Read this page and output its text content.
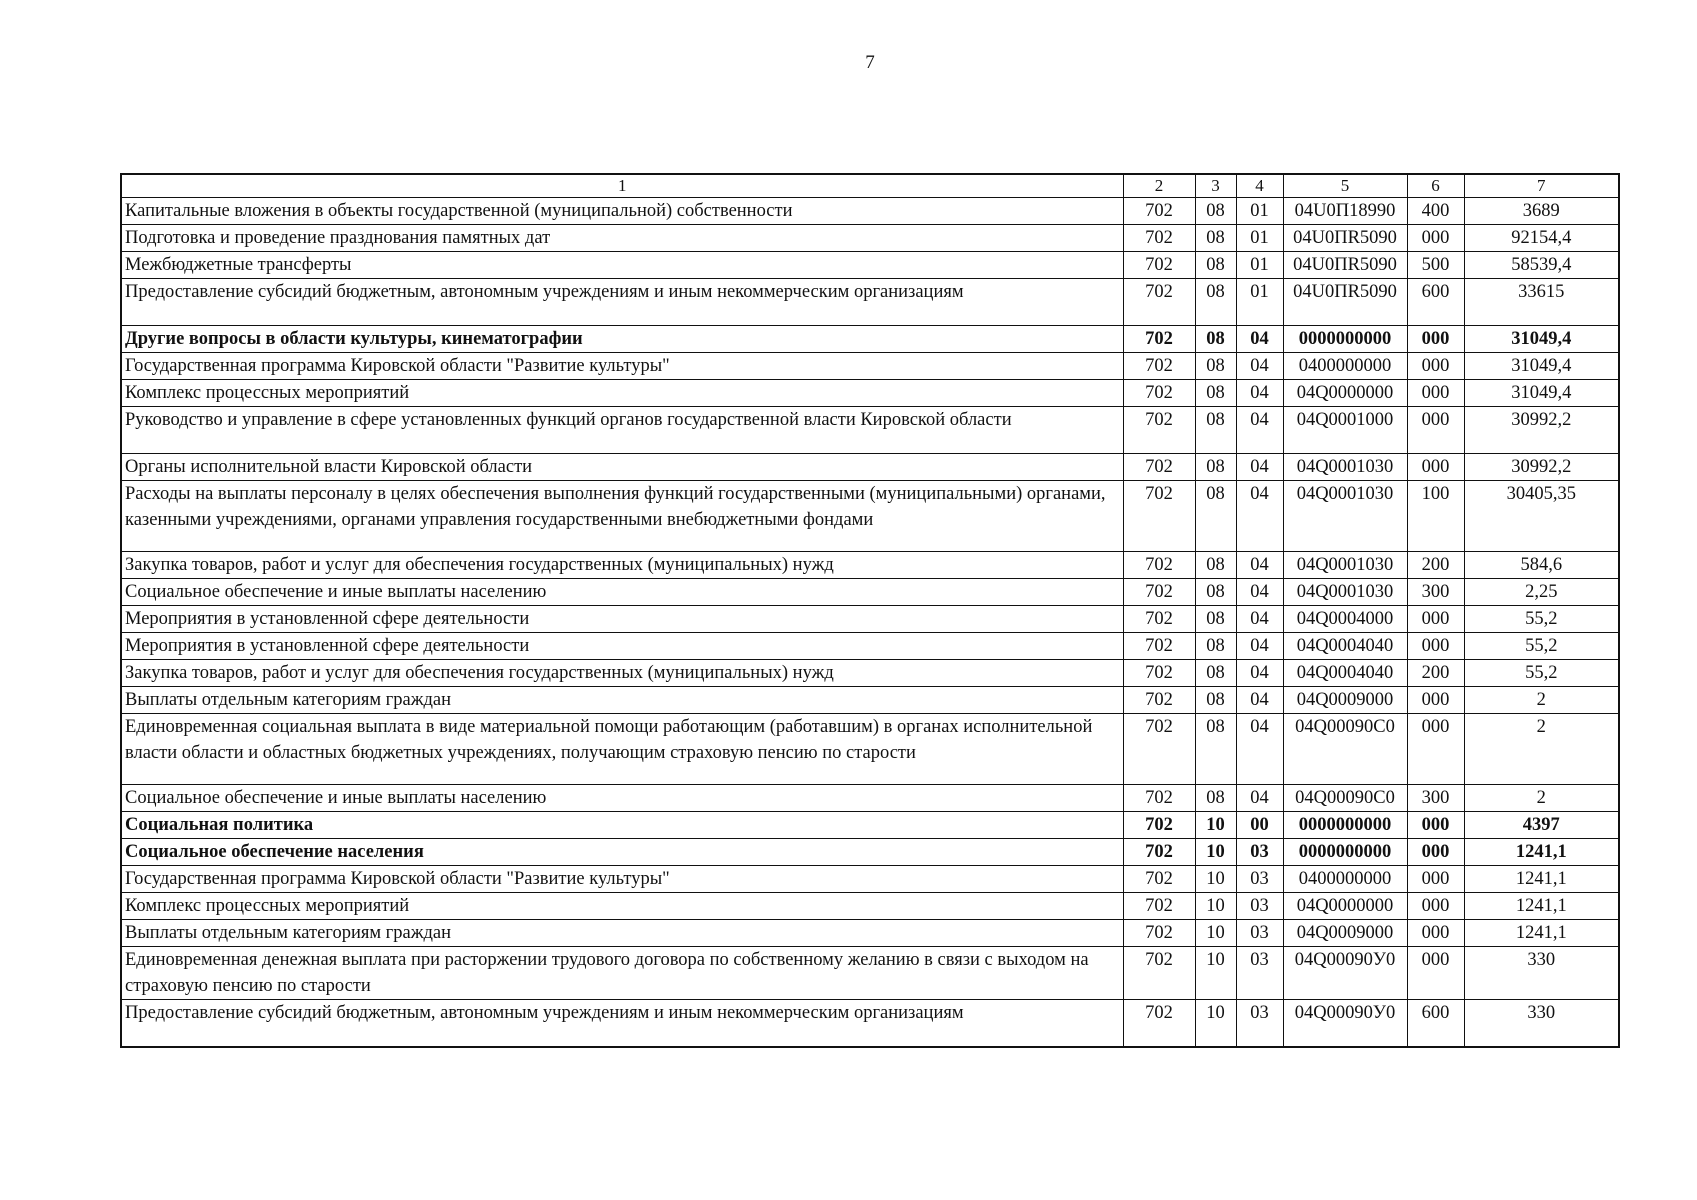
7
1	2	3	4	5	6	7
Капитальные вложения в объекты государственной (муниципальной) собственности	702	08	01	04U0П18990	400	3689
Подготовка и проведение празднования памятных дат	702	08	01	04U0ПR5090	000	92154,4
Межбюджетные трансферты	702	08	01	04U0ПR5090	500	58539,4
Предоставление субсидий бюджетным, автономным учреждениям и иным некоммерческим организациям	702	08	01	04U0ПR5090	600	33615
Другие вопросы в области культуры, кинематографии	702	08	04	0000000000	000	31049,4
Государственная программа Кировской области "Развитие культуры"	702	08	04	0400000000	000	31049,4
Комплекс процессных мероприятий	702	08	04	04Q0000000	000	31049,4
Руководство и управление в сфере установленных функций органов государственной власти Кировской области	702	08	04	04Q0001000	000	30992,2
Органы исполнительной власти Кировской области	702	08	04	04Q0001030	000	30992,2
Расходы на выплаты персоналу в целях обеспечения выполнения функций государственными (муниципальными) органами, казенными учреждениями, органами управления государственными внебюджетными фондами	702	08	04	04Q0001030	100	30405,35
Закупка товаров, работ и услуг для обеспечения государственных (муниципальных) нужд	702	08	04	04Q0001030	200	584,6
Социальное обеспечение и иные выплаты населению	702	08	04	04Q0001030	300	2,25
Мероприятия в установленной сфере деятельности	702	08	04	04Q0004000	000	55,2
Мероприятия в установленной сфере деятельности	702	08	04	04Q0004040	000	55,2
Закупка товаров, работ и услуг для обеспечения государственных (муниципальных) нужд	702	08	04	04Q0004040	200	55,2
Выплаты отдельным категориям граждан	702	08	04	04Q0009000	000	2
Единовременная социальная выплата в виде материальной помощи работающим (работавшим) в органах исполнительной власти области и областных бюджетных учреждениях, получающим страховую пенсию по старости	702	08	04	04Q00090С0	000	2
Социальное обеспечение и иные выплаты населению	702	08	04	04Q00090С0	300	2
Социальная политика	702	10	00	0000000000	000	4397
Социальное обеспечение населения	702	10	03	0000000000	000	1241,1
Государственная программа Кировской области "Развитие культуры"	702	10	03	0400000000	000	1241,1
Комплекс процессных мероприятий	702	10	03	04Q0000000	000	1241,1
Выплаты отдельным категориям граждан	702	10	03	04Q0009000	000	1241,1
Единовременная денежная выплата при расторжении трудового договора по собственному желанию в связи с выходом на страховую пенсию по старости	702	10	03	04Q00090У0	000	330
Предоставление субсидий бюджетным, автономным учреждениям и иным некоммерческим организациям	702	10	03	04Q00090У0	600	330
